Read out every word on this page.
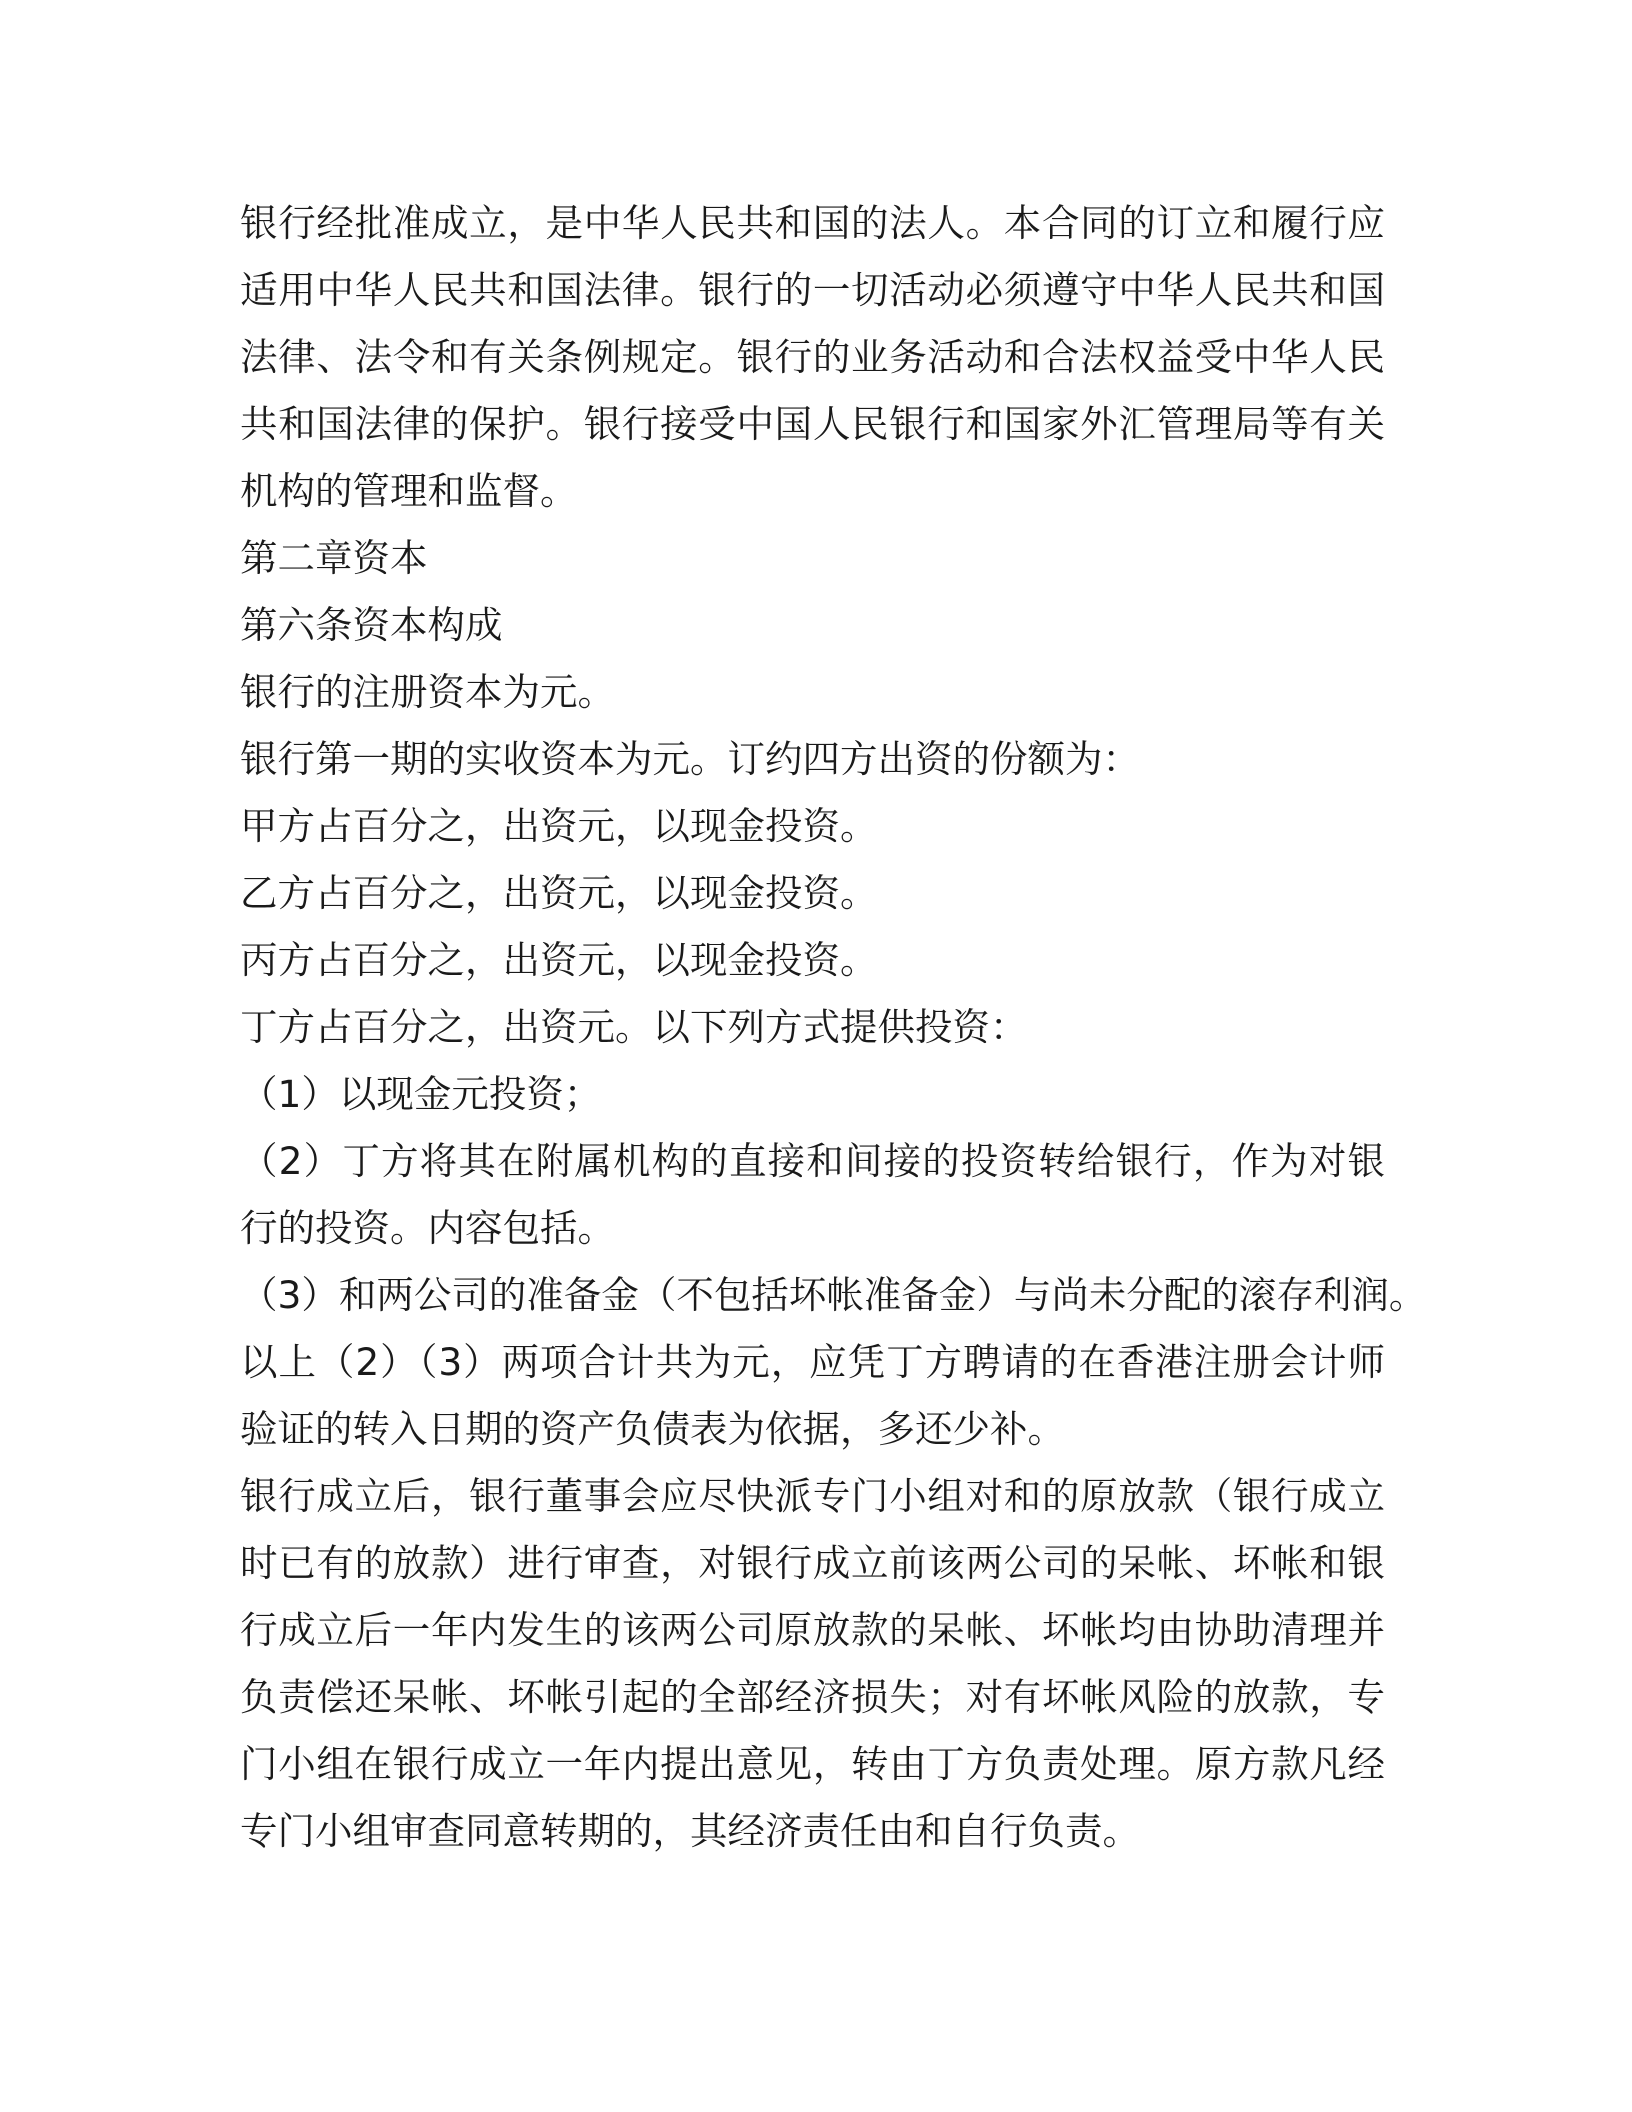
银行经批准成立，是中华人民共和国的法人。本合同的订立和履行应适用中华人民共和国法律。银行的一切活动必须遵守中华人民共和国法律、法令和有关条例规定。银行的业务活动和合法权益受中华人民共和国法律的保护。银行接受中国人民银行和国家外汇管理局等有关机构的管理和监督。

第二章资本

第六条资本构成

银行的注册资本为元。

银行第一期的实收资本为元。订约四方出资的份额为：

甲方占百分之，出资元，以现金投资。

乙方占百分之，出资元，以现金投资。

丙方占百分之，出资元，以现金投资。

丁方占百分之，出资元。以下列方式提供投资：

（1）以现金元投资；

（2）丁方将其在附属机构的直接和间接的投资转给银行，作为对银行的投资。内容包括。

（3）和两公司的准备金（不包括坏帐准备金）与尚未分配的滚存利润。

以上（2）（3）两项合计共为元，应凭丁方聘请的在香港注册会计师验证的转入日期的资产负债表为依据，多还少补。

银行成立后，银行董事会应尽快派专门小组对和的原放款（银行成立时已有的放款）进行审查，对银行成立前该两公司的呆帐、坏帐和银行成立后一年内发生的该两公司原放款的呆帐、坏帐均由协助清理并负责偿还呆帐、坏帐引起的全部经济损失；对有坏帐风险的放款，专门小组在银行成立一年内提出意见，转由丁方负责处理。原方款凡经专门小组审查同意转期的，其经济责任由和自行负责。
